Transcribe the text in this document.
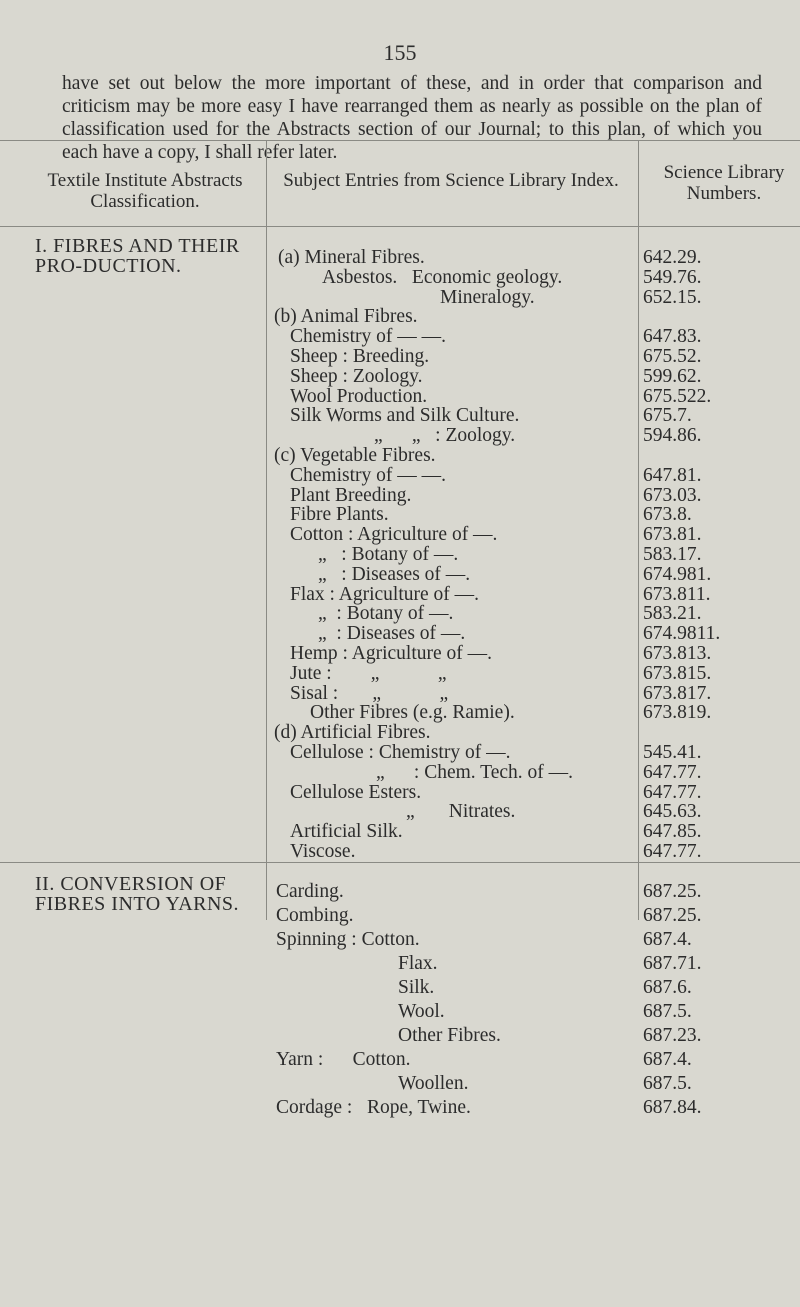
155
have set out below the more important of these, and in order that comparison and criticism may be more easy I have rearranged them as nearly as possible on the plan of classification used for the Abstracts section of our Journal; to this plan, of which you each have a copy, I shall refer later.
Textile Institute Abstracts Classification.
Subject Entries from Science Library Index.	Science Library Numbers.
I. FIBRES AND THEIR PRO-DUCTION.
II. CONVERSION OF FIBRES INTO YARNS.
(a) Mineral Fibres.	642.29.
Asbestos.   Economic geology.	549.76.
Mineralogy.	652.15.
(b) Animal Fibres.
Chemistry of — —.	647.83.
Sheep : Breeding.	675.52.
Sheep : Zoology.	599.62.
Wool Production.	675.522.
Silk Worms and Silk Culture.	675.7.
„      „   : Zoology.	594.86.
(c) Vegetable Fibres.
Chemistry of — —.	647.81.
Plant Breeding.	673.03.
Fibre Plants.	673.8.
Cotton : Agriculture of —.	673.81.
„   : Botany of —.	583.17.
„   : Diseases of —.	674.981.
Flax : Agriculture of —.	673.811.
„  : Botany of —.	583.21.
„  : Diseases of —.	674.9811.
Hemp : Agriculture of —.	673.813.
Jute :        „            „	673.815.
Sisal :       „            „	673.817.
Other Fibres (e.g. Ramie).	673.819.
(d) Artificial Fibres.
Cellulose : Chemistry of —.	545.41.
„      : Chem. Tech. of —.	647.77.
Cellulose Esters.	647.77.
„       Nitrates.	645.63.
Artificial Silk.	647.85.
Viscose.	647.77.
Carding.	687.25.
Combing.	687.25.
Spinning : Cotton.	687.4.
Flax.	687.71.
Silk.	687.6.
Wool.	687.5.
Other Fibres.	687.23.
Yarn :      Cotton.	687.4.
Woollen.	687.5.
Cordage :   Rope, Twine.	687.84.
